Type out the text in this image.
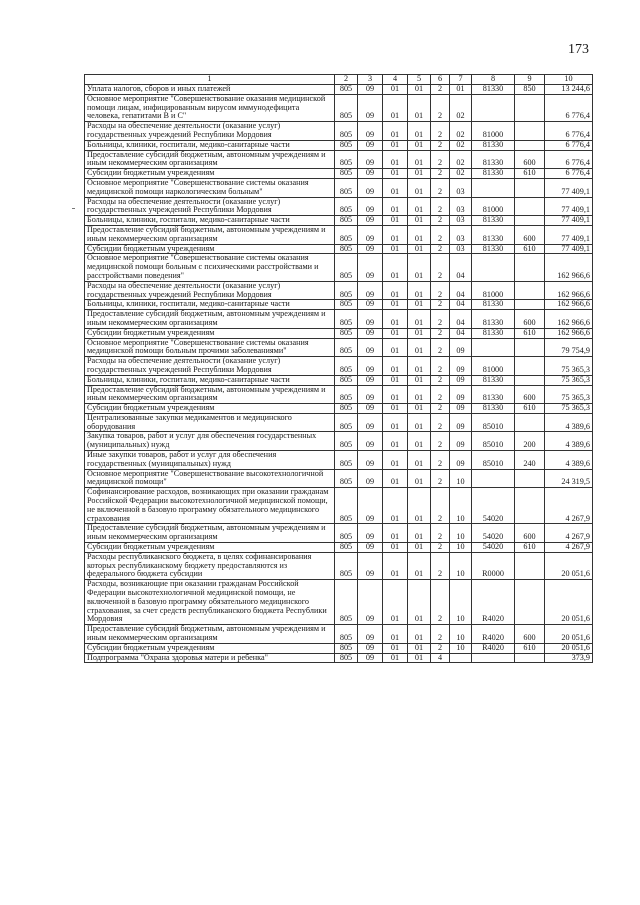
173
1	2	3	4	5	6	7	8	9	10
Уплата налогов, сборов и иных платежей	805	09	01	01	2	01	81330	850	13 244,6
Основное мероприятие "Совершенствование оказания медицинской помощи лицам, инфицированным вирусом иммунодефицита человека, гепатитами В и С"	805	09	01	01	2	02			6 776,4
Расходы на обеспечение деятельности (оказание услуг) государственных учреждений Республики Мордовия	805	09	01	01	2	02	81000		6 776,4
Больницы, клиники, госпитали, медико-санитарные части	805	09	01	01	2	02	81330		6 776,4
Предоставление субсидий бюджетным, автономным учреждениям и иным некоммерческим организациям	805	09	01	01	2	02	81330	600	6 776,4
Субсидии бюджетным учреждениям	805	09	01	01	2	02	81330	610	6 776,4
Основное мероприятие "Совершенствование системы оказания медицинской помощи наркологическим больным"	805	09	01	01	2	03			77 409,1
Расходы на обеспечение деятельности (оказание услуг) государственных учреждений Республики Мордовия	805	09	01	01	2	03	81000		77 409,1
Больницы, клиники, госпитали, медико-санитарные части	805	09	01	01	2	03	81330		77 409,1
Предоставление субсидий бюджетным, автономным учреждениям и иным некоммерческим организациям	805	09	01	01	2	03	81330	600	77 409,1
Субсидии бюджетным учреждениям	805	09	01	01	2	03	81330	610	77 409,1
Основное мероприятие "Совершенствование системы оказания медицинской помощи больным с психическими расстройствами и расстройствами поведения"	805	09	01	01	2	04			162 966,6
Расходы на обеспечение деятельности (оказание услуг) государственных учреждений Республики Мордовия	805	09	01	01	2	04	81000		162 966,6
Больницы, клиники, госпитали, медико-санитарные части	805	09	01	01	2	04	81330		162 966,6
Предоставление субсидий бюджетным, автономным учреждениям и иным некоммерческим организациям	805	09	01	01	2	04	81330	600	162 966,6
Субсидии бюджетным учреждениям	805	09	01	01	2	04	81330	610	162 966,6
Основное мероприятие "Совершенствование системы оказания медицинской помощи больным прочими заболеваниями"	805	09	01	01	2	09			79 754,9
Расходы на обеспечение деятельности (оказание услуг) государственных учреждений Республики Мордовия	805	09	01	01	2	09	81000		75 365,3
Больницы, клиники, госпитали, медико-санитарные части	805	09	01	01	2	09	81330		75 365,3
Предоставление субсидий бюджетным, автономным учреждениям и иным некоммерческим организациям	805	09	01	01	2	09	81330	600	75 365,3
Субсидии бюджетным учреждениям	805	09	01	01	2	09	81330	610	75 365,3
Централизованные закупки медикаментов и медицинского оборудования	805	09	01	01	2	09	85010		4 389,6
Закупка товаров, работ и услуг для обеспечения государственных (муниципальных) нужд	805	09	01	01	2	09	85010	200	4 389,6
Иные закупки товаров, работ и услуг для обеспечения государственных (муниципальных) нужд	805	09	01	01	2	09	85010	240	4 389,6
Основное мероприятие "Совершенствование высокотехнологичной медицинской помощи"	805	09	01	01	2	10			24 319,5
Софинансирование расходов, возникающих при оказании гражданам Российской Федерации высокотехнологичной медицинской помощи, не включенной в базовую программу обязательного медицинского страхования	805	09	01	01	2	10	54020		4 267,9
Предоставление субсидий бюджетным, автономным учреждениям и иным некоммерческим организациям	805	09	01	01	2	10	54020	600	4 267,9
Субсидии бюджетным учреждениям	805	09	01	01	2	10	54020	610	4 267,9
Расходы республиканского бюджета, в целях софинансирования которых республиканскому бюджету предоставляются из федерального бюджета субсидии	805	09	01	01	2	10	R0000		20 051,6
Расходы, возникающие при оказании гражданам Российской Федерации высокотехнологичной медицинской помощи, не включенной в базовую программу обязательного медицинского страхования, за счет средств республиканского бюджета Республики Мордовия	805	09	01	01	2	10	R4020		20 051,6
Предоставление субсидий бюджетным, автономным учреждениям и иным некоммерческим организациям	805	09	01	01	2	10	R4020	600	20 051,6
Субсидии бюджетным учреждениям	805	09	01	01	2	10	R4020	610	20 051,6
Подпрограмма "Охрана здоровья матери и ребенка"	805	09	01	01	4				373,9
